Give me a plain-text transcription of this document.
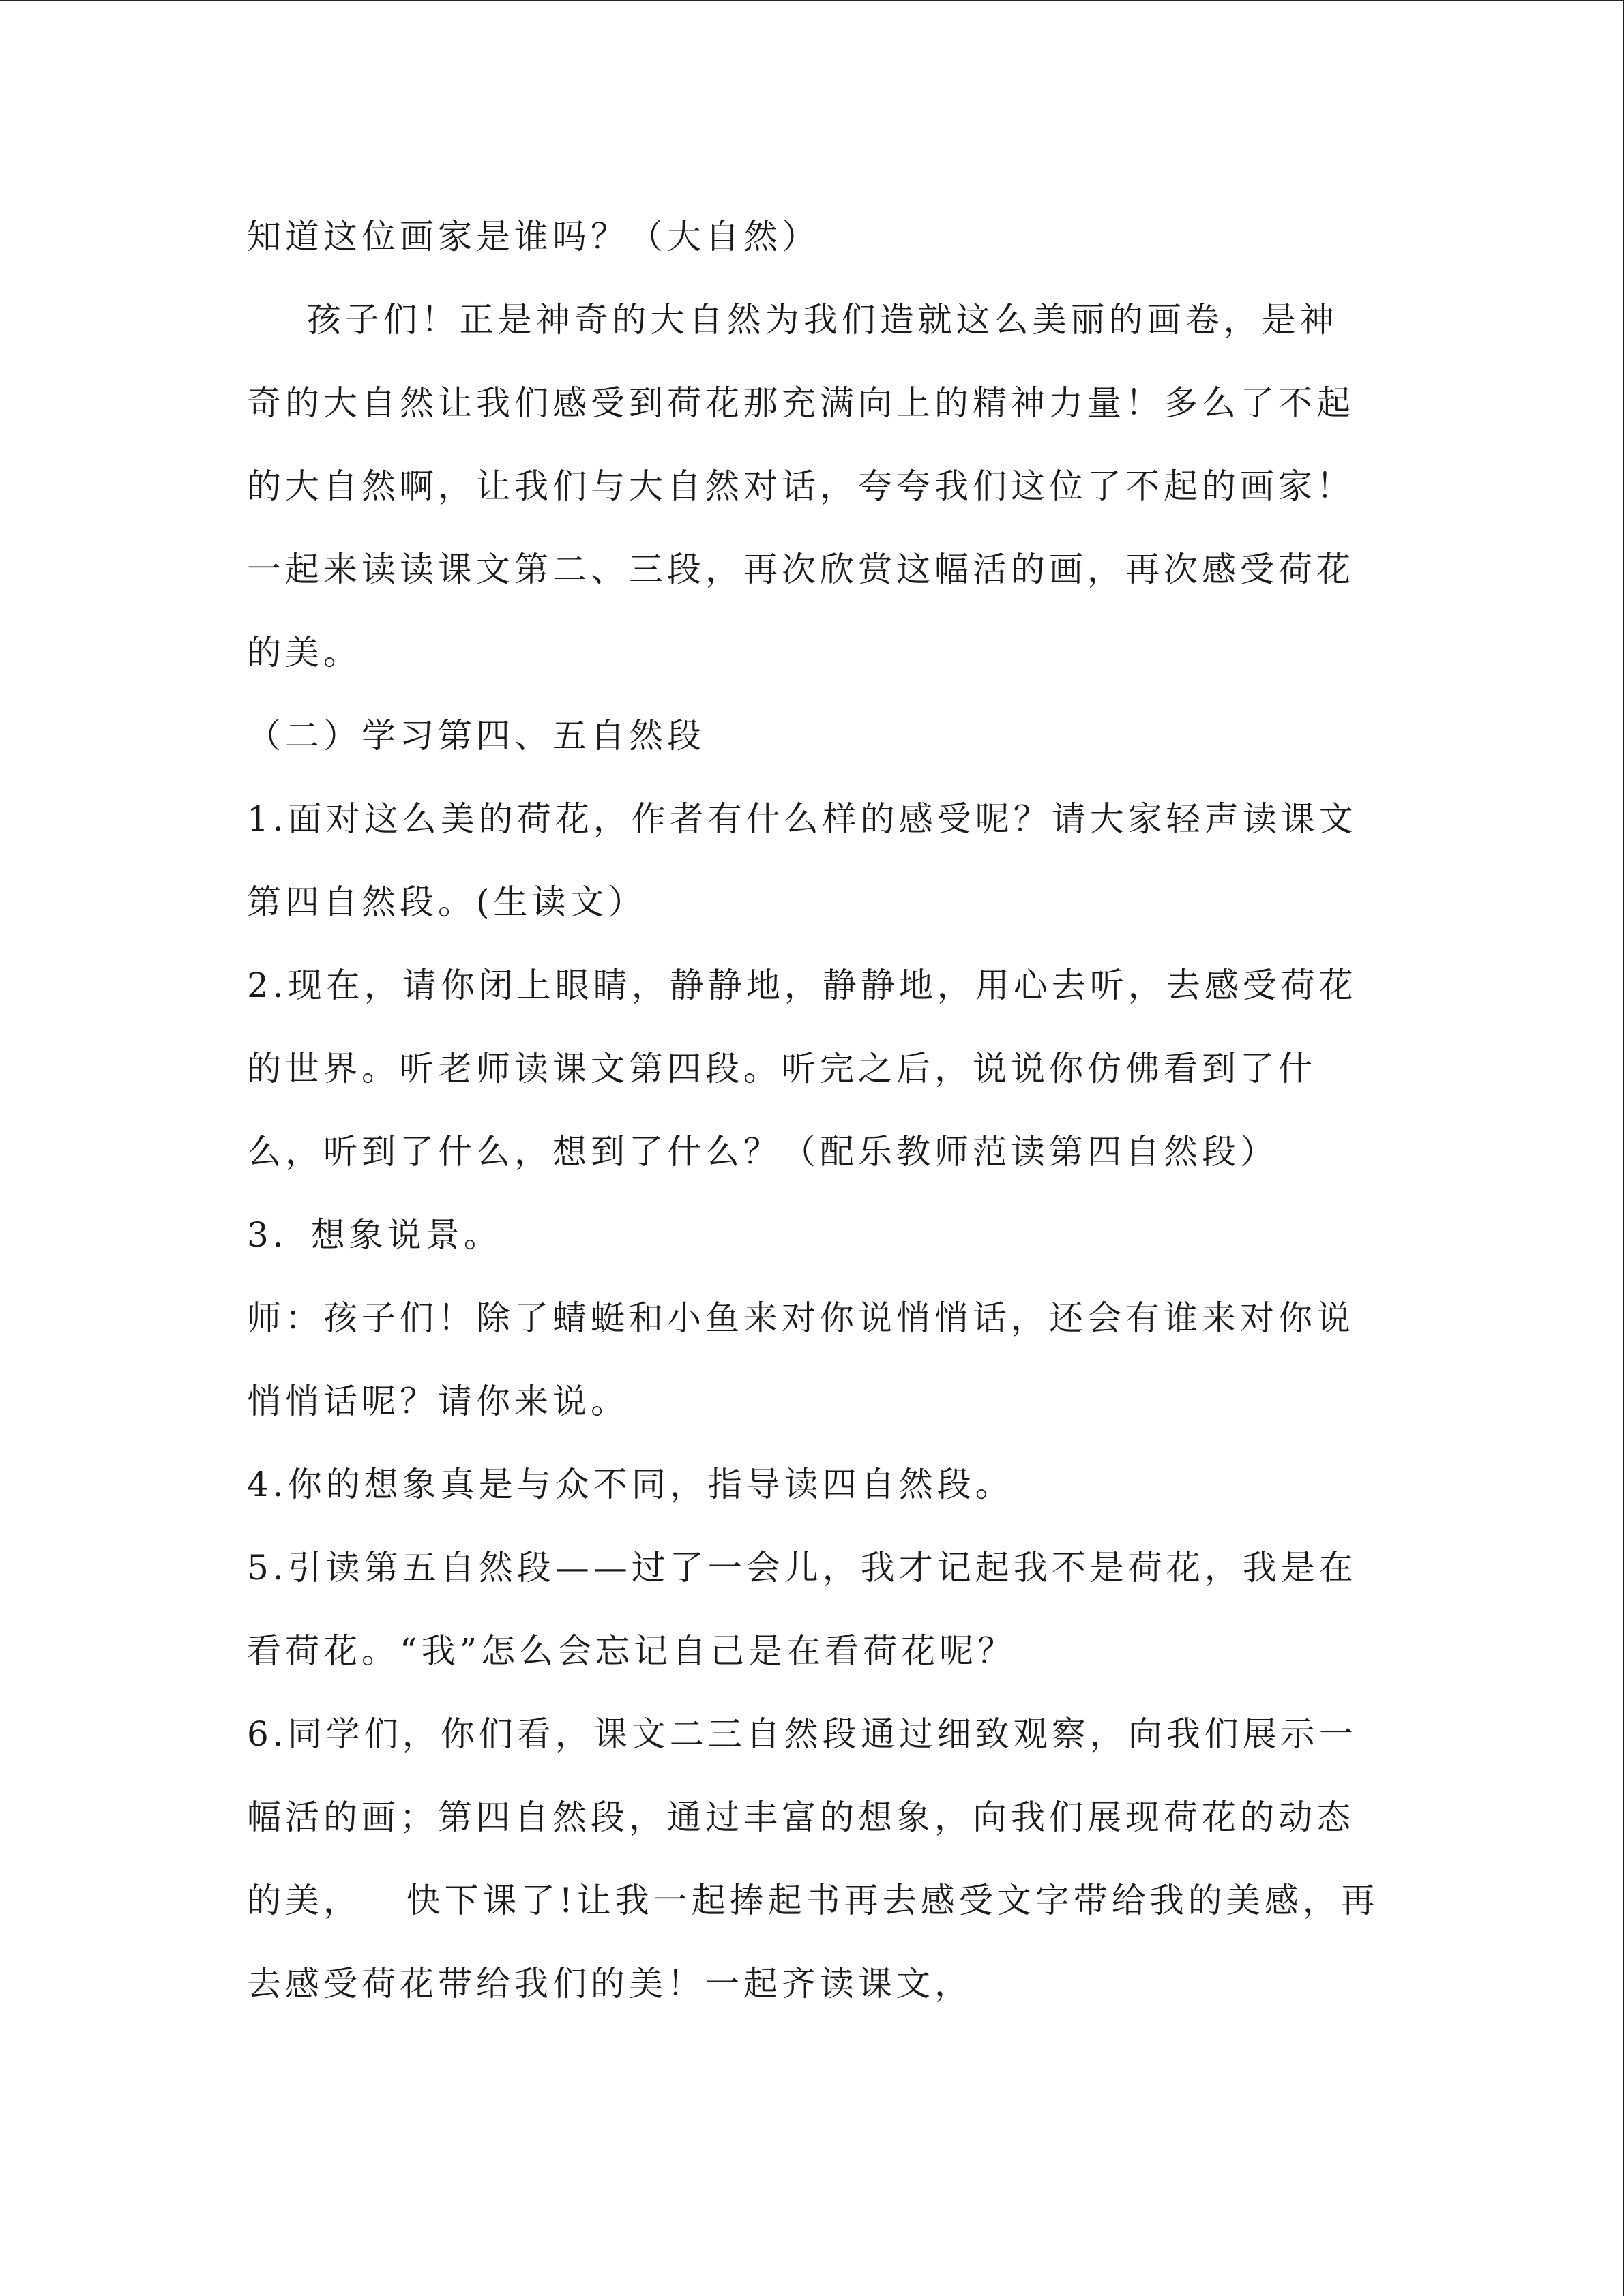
知道这位画家是谁吗？（大自然）
孩子们！正是神奇的大自然为我们造就这么美丽的画卷，是神
奇的大自然让我们感受到荷花那充满向上的精神力量！多么了不起
的大自然啊，让我们与大自然对话，夸夸我们这位了不起的画家！
一起来读读课文第二、三段，再次欣赏这幅活的画，再次感受荷花
的美。
（二）学习第四、五自然段
1.面对这么美的荷花，作者有什么样的感受呢？请大家轻声读课文
第四自然段。(生读文）
2.现在，请你闭上眼睛，静静地，静静地，用心去听，去感受荷花
的世界。听老师读课文第四段。听完之后，说说你仿佛看到了什
么，听到了什么，想到了什么？（配乐教师范读第四自然段）
3．想象说景。
师：孩子们！除了蜻蜓和小鱼来对你说悄悄话，还会有谁来对你说
悄悄话呢？请你来说。
4.你的想象真是与众不同，指导读四自然段。
5.引读第五自然段——过了一会儿，我才记起我不是荷花，我是在
看荷花。“我”怎么会忘记自己是在看荷花呢？
6.同学们，你们看，课文二三自然段通过细致观察，向我们展示一
幅活的画；第四自然段，通过丰富的想象，向我们展现荷花的动态
的美，   快下课了!让我一起捧起书再去感受文字带给我的美感，再
去感受荷花带给我们的美！一起齐读课文，
